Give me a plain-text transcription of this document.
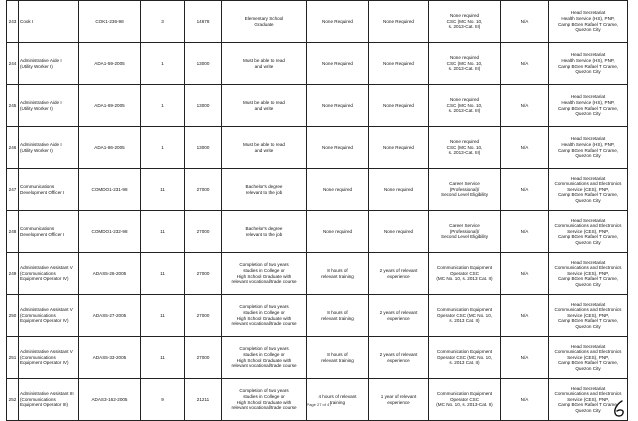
243	Cook I	COK1-236-98	3	14678	Elementary School
Graduate	None Required	None Required	None required
CSC (MC No. 10,
s. 2013-Cat. III)	N/A	Head Secretariat
Health Service (HS), PNP,
Camp BGen Rafael T Crame,
Quezon City

244	Administrative Aide I
(Utility Worker I)	ADA1-59-2005	1	13000	Must be able to read
and write	None Required	None Required	None required
CSC (MC No. 10,
s. 2013-Cat. III)	N/A	Head Secretariat
Health Service (HS), PNP,
Camp BGen Rafael T Crame,
Quezon City

245	Administrative Aide I
(Utility Worker I)	ADA1-69-2005	1	13000	Must be able to read
and write	None Required	None Required	None required
CSC (MC No. 10,
s. 2013-Cat. III)	N/A	Head Secretariat
Health Service (HS), PNP,
Camp BGen Rafael T Crame,
Quezon City

246	Administrative Aide I
(Utility Worker I)	ADA1-86-2005	1	13000	Must be able to read
and write	None Required	None Required	None required
CSC (MC No. 10,
s. 2013-Cat. III)	N/A	Head Secretariat
Health Service (HS), PNP,
Camp BGen Rafael T Crame,
Quezon City

247	Communications
Development Officer I	COMDO1-231-98	11	27000	Bachelor's degree
relevant to the job	None required	None required	Career Service
(Professional)/
Second Level Eligibility	N/A	Head Secretariat
Communications and Electronics
Service (CES), PNP,
Camp BGen Rafael T Crame,
Quezon City

248	Communications
Development Officer I	COMDO1-232-98	11	27000	Bachelor's degree
relevant to the job	None required	None required	Career Service
(Professional)/
Second Level Eligibility	N/A	Head Secretariat
Communications and Electronics
Service (CES), PNP,
Camp BGen Rafael T Crame,
Quezon City

249	Administrative Assistant V
(Communications
Equipment Operator IV)	ADAS5-26-2005	11	27000	Completion of two years
studies in College or
High School Graduate with
relevant vocational/trade course	8 hours of
relevant training	2 years of relevant
experience	Communication Equipment
Operator CSC
(MC No. 10, s. 2013 Cat. II)	N/A	Head Secretariat
Communications and Electronics
Service (CES), PNP,
Camp BGen Rafael T Crame,
Quezon City

250	Administrative Assistant V
(Communications
Equipment Operator IV)	ADAS5-27-2005	11	27000	Completion of two years
studies in College or
High School Graduate with
relevant vocational/trade course	8 hours of
relevant training	2 years of relevant
experience	Communication Equipment
Operator CSC (MC No. 10,
s. 2013 Cat. II)	N/A	Head Secretariat
Communications and Electronics
Service (CES), PNP,
Camp BGen Rafael T Crame,
Quezon City

251	Administrative Assistant V
(Communications
Equipment Operator IV)	ADAS5-33-2005	11	27000	Completion of two years
studies in College or
High School Graduate with
relevant vocational/trade course	8 hours of
relevant training	2 years of relevant
experience	Communication Equipment
Operator CSC (MC No. 10,
s. 2013 Cat. II)	N/A	Head Secretariat
Communications and Electronics
Service (CES), PNP,
Camp BGen Rafael T Crame,
Quezon City

252	Administrative Assistant III
(Communications
Equipment Operator III)	ADAS3-162-2005	9	21211	Completion of two years
studies in College or
High School Graduate with
relevant vocational/trade course	4 hours of relevant
training	1 year of relevant
experience	Communication Equipment
Operator CSC
(MC No. 10, s. 2013-Cat. II)	N/A	Head Secretariat
Communications and Electronics
Service (CES), PNP,
Camp BGen Rafael T Crame,
Quezon City
Page 27 of 47
